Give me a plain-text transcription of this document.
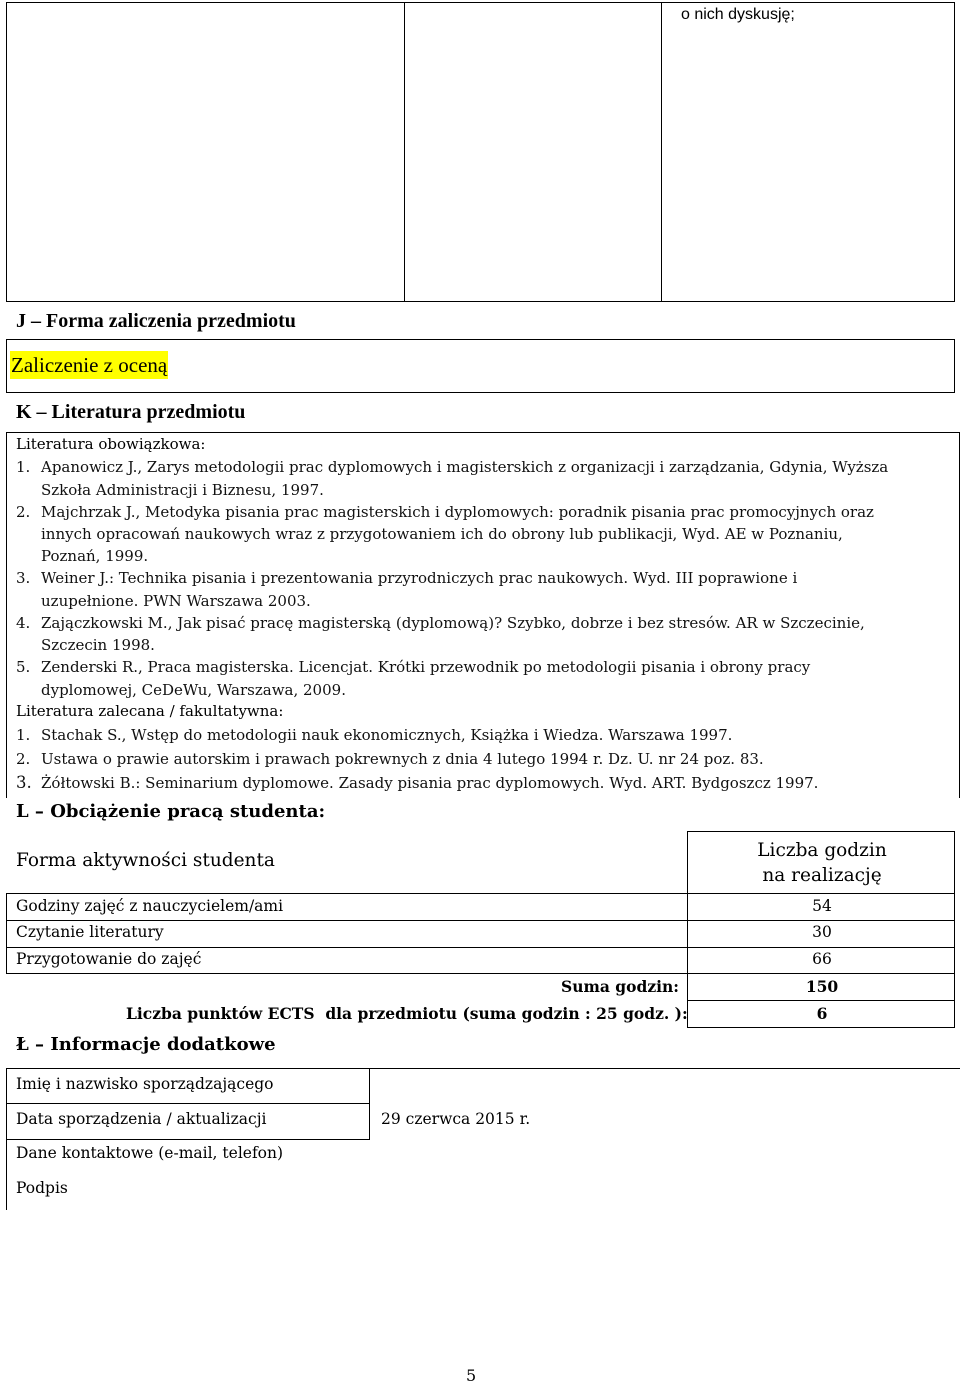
o nich dyskusję;
J – Forma zaliczenia przedmiotu
Zaliczenie z oceną
K – Literatura przedmiotu
Literatura obowiązkowa:
1. Apanowicz J., Zarys metodologii prac dyplomowych i magisterskich z organizacji i zarządzania, Gdynia, Wyższa
Szkoła Administracji i Biznesu, 1997.
2. Majchrzak J., Metodyka pisania prac magisterskich i dyplomowych: poradnik pisania prac promocyjnych oraz
innych opracowań naukowych wraz z przygotowaniem ich do obrony lub publikacji, Wyd. AE w Poznaniu,
Poznań, 1999.
3. Weiner J.: Technika pisania i prezentowania przyrodniczych prac naukowych. Wyd. III poprawione i
uzupełnione. PWN Warszawa 2003.
4. Zajączkowski M., Jak pisać pracę magisterską (dyplomową)? Szybko, dobrze i bez stresów. AR w Szczecinie,
Szczecin 1998.
5. Zenderski R., Praca magisterska. Licencjat. Krótki przewodnik po metodologii pisania i obrony pracy
dyplomowej, CeDeWu, Warszawa, 2009.
Literatura zalecana / fakultatywna:
1. Stachak S., Wstęp do metodologii nauk ekonomicznych, Książka i Wiedza. Warszawa 1997.
2. Ustawa o prawie autorskim i prawach pokrewnych z dnia 4 lutego 1994 r. Dz. U. nr 24 poz. 83.
3. Żółtowski B.: Seminarium dyplomowe. Zasady pisania prac dyplomowych. Wyd. ART. Bydgoszcz 1997.
L – Obciążenie pracą studenta:
Forma aktywności studenta	Liczba godzin
na realizację
Godziny zajęć z nauczycielem/ami	54
Czytanie literatury	30
Przygotowanie do zajęć	66
Suma godzin:	150
Liczba punktów ECTS  dla przedmiotu (suma godzin : 25 godz. ):	6
Ł – Informacje dodatkowe
Imię i nazwisko sporządzającego
Data sporządzenia / aktualizacji	29 czerwca 2015 r.
Dane kontaktowe (e-mail, telefon)
Podpis
5
